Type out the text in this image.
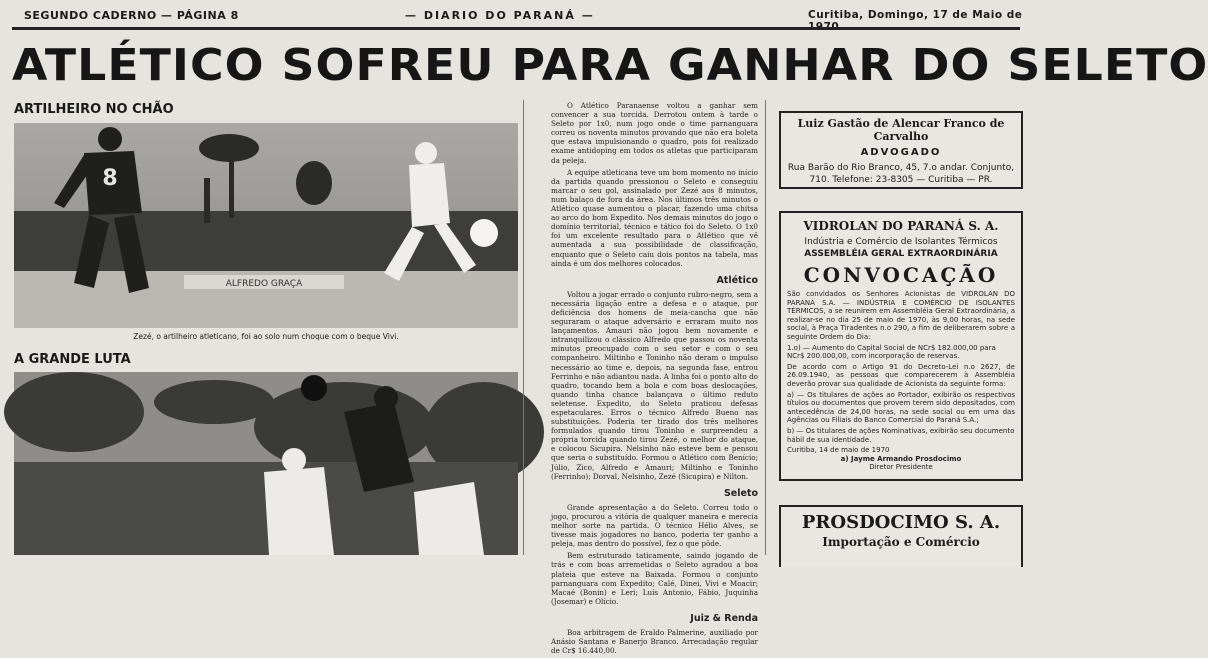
SEGUNDO CADERNO — PÁGINA 8	— DIARIO DO PARANÁ —	Curitiba, Domingo, 17 de Maio de
ATLÉTICO SOFREU PARA GANHAR DO SELETO
ARTILHEIRO NO CHÃO
ALFREDO GRAÇA
8
Zezé, o artilheiro atleticano, foi ao solo num choque com o beque Vivi.
A GRANDE LUTA

O Atlético Paranaense voltou a ganhar sem convencer a sua torcida. Derrotou ontem à tarde o Seleto por 1x0, num jogo onde o time parnanguara correu os noventa minutos provando que não era boleta que estava impulsionando o quadro, pois foi realizado exame antidoping em todos os atletas que participaram da peleja.

A equipe atleticana teve um bom momento no início da partida quando pressionou o Seleto e conseguiu marcar o seu gol, assinalado por Zezé aos 8 minutos, num balaço de fora da área. Nos últimos três minutos o Atlético quase aumentou o placar, fazendo uma chitsa ao arco do bom Expedito. Nos demais minutos do jogo o domínio territorial, técnico e tático foi do Seleto. O 1x0 foi um excelente resultado para o Atlético que vê aumentada a sua possibilidade de classificação, enquanto que o Seleto caiu dois pontos na tabela, mas ainda é um dos melhores colocados.

Atlético

Voltou a jogar errado o conjunto rubro-negro, sem a necessária ligação entre a defesa e o ataque, por deficiência dos homens de meia-cancha que não seguraram o ataque adversário e erraram muito nos lançamentos. Amauri não jogou bem novamente e intranquilizou o clássico Alfredo que passou os noventa minutos preocupado com o seu setor e com o seu companheiro. Miltinho e Toninho não deram o impulso necessário ao time e, depois, na segunda fase, entrou Ferrinho e não adiantou nada. A linha foi o ponto alto do quadro, tocando bem a bola e com boas deslocações, quando tinha chance balançava o último reduto seletense. Expedito, do Seleto praticou defesas espetaculares. Erros o técnico Alfredo Bueno nas substituições. Poderia ter tirado dos três melhores formulados quando tirou Toninho e surpreendeu a própria torcida quando tirou Zezé, o melhor do ataque, e colocou Sicupira. Nelsinho não esteve bem e pensou que seria o substituído. Formou o Atlético com Benício; Júlio, Zico, Alfredo e Amauri; Miltinho e Toninho (Ferrinho); Dorval, Nelsinho, Zezé (Sicupira) e Nilton.

Seleto

Grande apresentação a do Seleto. Correu todo o jogo, procurou a vitória de qualquer maneira e merecia melhor sorte na partida. O técnico Hélio Alves, se tivesse mais jogadores no banco, poderia ter ganho a peleja, mas dentro do possível, fez o que pôde.

Bem estruturado taticamente, saindo jogando de trás e com boas arremetidas o Seleto agradou a boa plateia que esteve na Baixada. Formou o conjunto parnanguara com Expedito; Calé, Dinei, Vivi e Moacir; Macaé (Bonin) e Leri; Luís Antonio, Fábio, Juquinha (Josemar) e Olício.

Juiz & Renda

Boa arbitragem de Eraldo Palmerine, auxiliado por Anásio Santana e Banerjo Branco. Arrecadação regular de Cr$ 16.440,00.

Luiz Gastão de Alencar Franco de Carvalho
ADVOGADO
Rua Barão do Rio Branco, 45, 7.o andar. Conjunto, 710. Telefone: 23-8305 — Curitiba — PR.
VIDROLAN DO PARANÁ S. A.
Indústria e Comércio de Isolantes Térmicos
ASSEMBLÉIA GERAL EXTRAORDINÁRIA
CONVOCAÇÃO
São convidados os Senhores Acionistas de VIDROLAN DO PARANÁ S.A. — INDÚSTRIA E COMÉRCIO DE ISOLANTES TÉRMICOS, a se reunirem em Assembléia Geral Extraordinária, a realizar-se no dia 25 de maio de 1970, às 9,00 horas, na sede social, à Praça Tiradentes n.o 290, a fim de deliberarem sobre a seguinte Ordem do Dia:
1.o) — Aumento do Capital Social de NCr$ 182.000,00 para NCr$ 200.000,00, com incorporação de reservas.
De acordo com o Artigo 91 do Decreto-Lei n.o 2627, de 26.09.1940, as pessoas que comparecerem à Assembléia deverão provar sua qualidade de Acionista da seguinte forma:
a) — Os titulares de ações ao Portador, exibirão os respectivos títulos ou documentos que provem terem sido depositados, com antecedência de 24,00 horas, na sede social ou em uma das Agências ou Filiais do Banco Comercial do Paraná S.A.;
b) — Os titulares de ações Nominativas, exibirão seu documento hábil de sua identidade.
Curitiba, 14 de maio de 1970
a) Jayme Armando Prosdocimo
Diretor Presidente
PROSDOCIMO S. A.
Importação e Comércio
